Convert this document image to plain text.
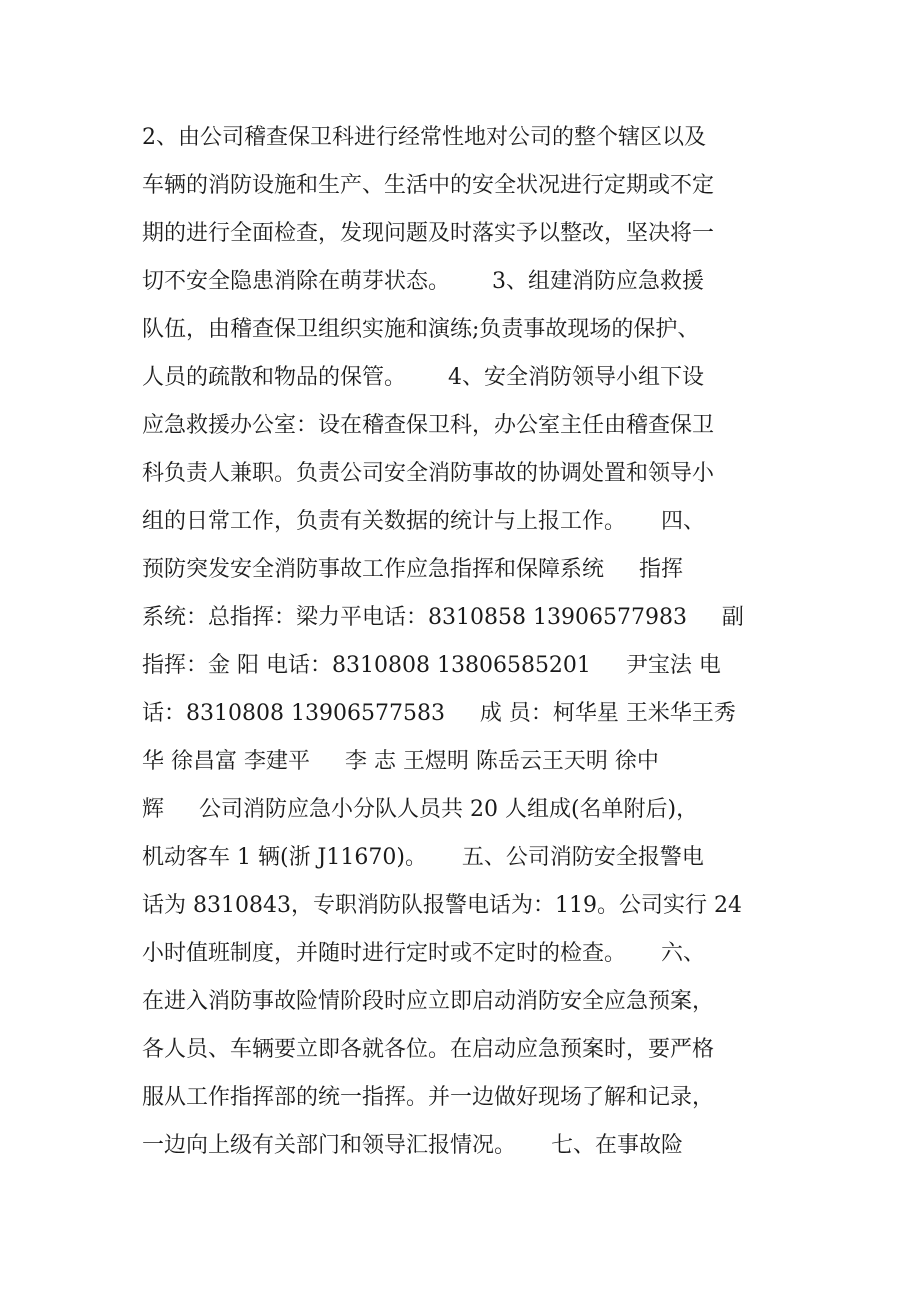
2、由公司稽查保卫科进行经常性地对公司的整个辖区以及
车辆的消防设施和生产、生活中的安全状况进行定期或不定
期的进行全面检查，发现问题及时落实予以整改，坚决将一
切不安全隐患消除在萌芽状态。      3、组建消防应急救援
队伍，由稽查保卫组织实施和演练;负责事故现场的保护、
人员的疏散和物品的保管。      4、安全消防领导小组下设
应急救援办公室：设在稽查保卫科，办公室主任由稽查保卫
科负责人兼职。负责公司安全消防事故的协调处置和领导小
组的日常工作，负责有关数据的统计与上报工作。     四、
预防突发安全消防事故工作应急指挥和保障系统     指挥
系统：总指挥：梁力平电话：8310858 13906577983     副
指挥：金 阳 电话：8310808 13806585201     尹宝法 电
话：8310808 13906577583     成 员：柯华星 王米华王秀
华 徐昌富 李建平     李 志 王煜明 陈岳云王天明 徐中
辉     公司消防应急小分队人员共 20 人组成(名单附后)，
机动客车 1 辆(浙 J11670)。     五、公司消防安全报警电
话为 8310843，专职消防队报警电话为：119。公司实行 24
小时值班制度，并随时进行定时或不定时的检查。     六、
在进入消防事故险情阶段时应立即启动消防安全应急预案，
各人员、车辆要立即各就各位。在启动应急预案时，要严格
服从工作指挥部的统一指挥。并一边做好现场了解和记录，
一边向上级有关部门和领导汇报情况。     七、在事故险
